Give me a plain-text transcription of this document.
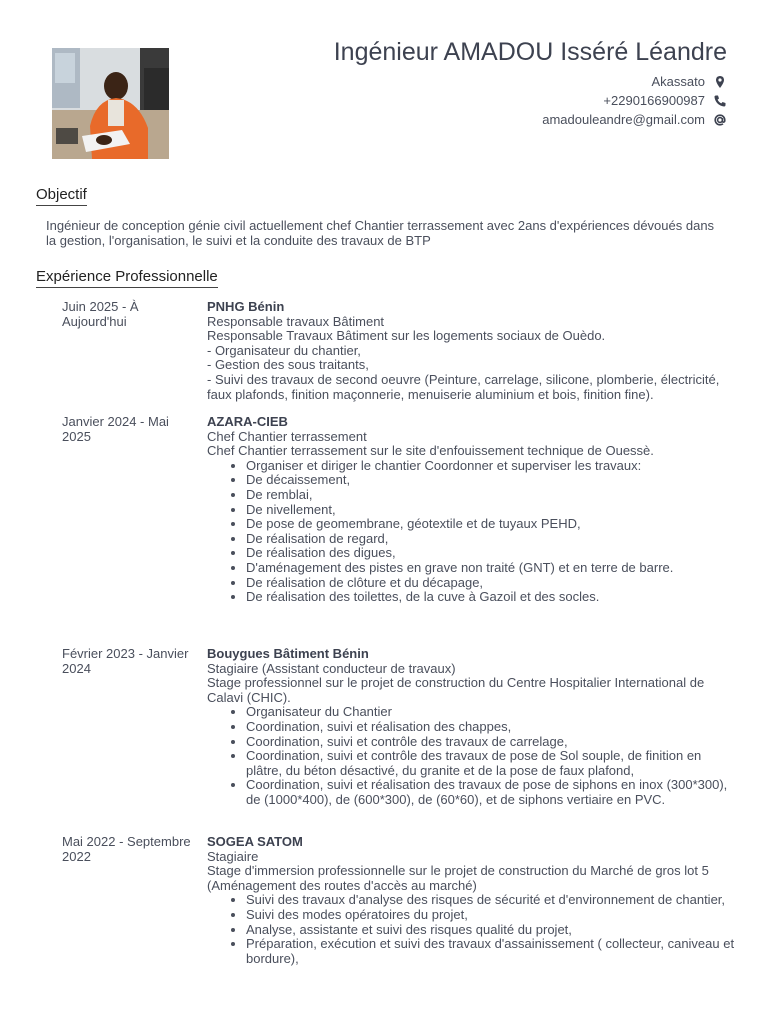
Ingénieur AMADOU Isséré Léandre
Akassato
+2290166900987
amadouleandre@gmail.com
Objectif
Ingénieur de conception génie civil actuellement chef Chantier terrassement avec 2ans d'expériences dévoués dans la gestion, l'organisation, le suivi et la conduite des travaux de BTP
Expérience Professionnelle
Juin 2025 - À Aujourd'hui
PNHG Bénin
Responsable travaux Bâtiment
Responsable Travaux Bâtiment sur les logements sociaux de Ouèdo.
- Organisateur du chantier,
- Gestion des sous traitants,
- Suivi des travaux de second oeuvre (Peinture, carrelage, silicone, plomberie, électricité, faux plafonds, finition maçonnerie, menuiserie aluminium et bois, finition fine).
Janvier 2024 - Mai 2025
AZARA-CIEB
Chef Chantier terrassement
Chef Chantier terrassement sur le site d'enfouissement technique de Ouessè.
• Organiser et diriger le chantier Coordonner et superviser les travaux:
• De décaissement,
• De remblai,
• De nivellement,
• De pose de geomembrane, géotextile et de tuyaux PEHD,
• De réalisation de regard,
• De réalisation des digues,
• D'aménagement des pistes en grave non traité (GNT) et en terre de barre.
• De réalisation de clôture et du décapage,
• De réalisation des toilettes, de la cuve à Gazoil et des socles.
Février 2023 - Janvier 2024
Bouygues Bâtiment Bénin
Stagiaire (Assistant conducteur de travaux)
Stage professionnel sur le projet de construction du Centre Hospitalier International de Calavi (CHIC).
• Organisateur du Chantier
• Coordination, suivi et réalisation des chappes,
• Coordination, suivi et contrôle des travaux de carrelage,
• Coordination, suivi et contrôle des travaux de pose de Sol souple, de finition en plâtre, du béton désactivé, du granite et de la pose de faux plafond,
• Coordination, suivi et réalisation des travaux de pose de siphons en inox (300*300), de (1000*400), de (600*300), de (60*60), et de siphons vertiaire en PVC.
Mai 2022 - Septembre 2022
SOGEA SATOM
Stagiaire
Stage d'immersion professionnelle sur le projet de construction du Marché de gros lot 5 (Aménagement des routes d'accès au marché)
• Suivi des travaux d'analyse des risques de sécurité et d'environnement de chantier,
• Suivi des modes opératoires du projet,
• Analyse, assistante et suivi des risques qualité du projet,
• Préparation, exécution et suivi des travaux d'assainissement ( collecteur, caniveau et bordure),
